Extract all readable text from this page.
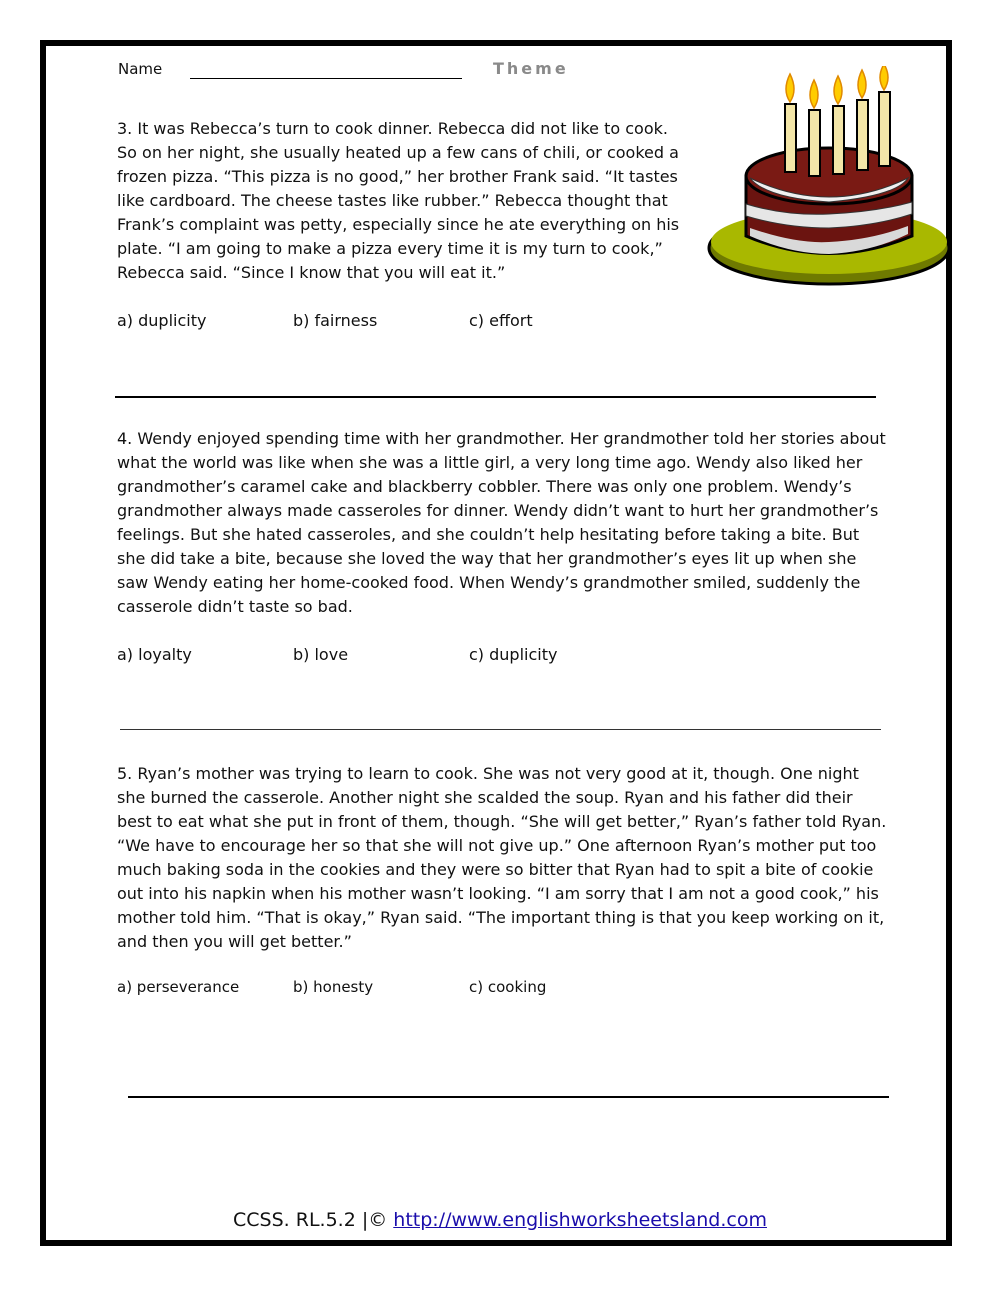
Name	Theme

3. It was Rebecca’s turn to cook dinner. Rebecca did not like to cook. So on her night, she usually heated up a few cans of chili, or cooked a frozen pizza. “This pizza is no good,” her brother Frank said. “It tastes like cardboard. The cheese tastes like rubber.” Rebecca thought that Frank’s complaint was petty, especially since he ate everything on his plate. “I am going to make a pizza every time it is my turn to cook,” Rebecca said. “Since I know that you will eat it.”

a) duplicity	b) fairness	c) effort

4. Wendy enjoyed spending time with her grandmother. Her grandmother told her stories about what the world was like when she was a little girl, a very long time ago. Wendy also liked her grandmother’s caramel cake and blackberry cobbler. There was only one problem. Wendy’s grandmother always made casseroles for dinner. Wendy didn’t want to hurt her grandmother’s feelings. But she hated casseroles, and she couldn’t help hesitating before taking a bite. But she did take a bite, because she loved the way that her grandmother’s eyes lit up when she saw Wendy eating her home-cooked food. When Wendy’s grandmother smiled, suddenly the casserole didn’t taste so bad.

a) loyalty	b) love	c) duplicity

5. Ryan’s mother was trying to learn to cook. She was not very good at it, though. One night she burned the casserole. Another night she scalded the soup. Ryan and his father did their best to eat what she put in front of them, though. “She will get better,” Ryan’s father told Ryan. “We have to encourage her so that she will not give up.” One afternoon Ryan’s mother put too much baking soda in the cookies and they were so bitter that Ryan had to spit a bite of cookie out into his napkin when his mother wasn’t looking. “I am sorry that I am not a good cook,” his mother told him. “That is okay,” Ryan said. “The important thing is that you keep working on it, and then you will get better.”

a) perseverance	b) honesty	c) cooking
CCSS. RL.5.2 |© http://www.englishworksheetsland.com
